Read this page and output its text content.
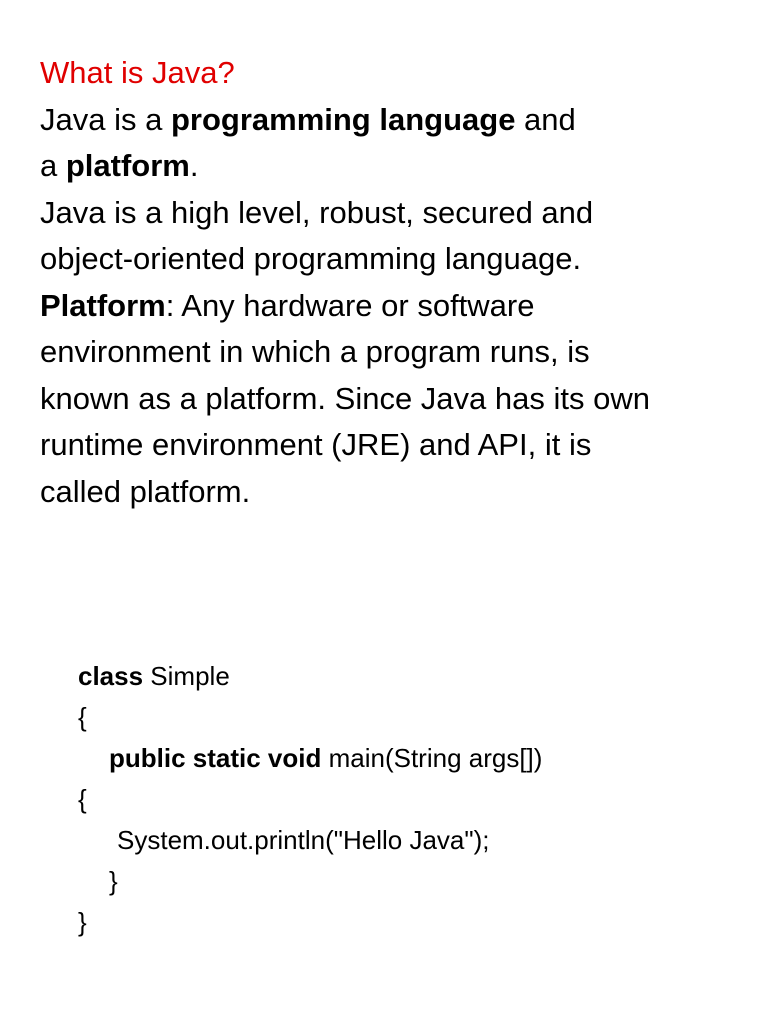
What is Java?
Java is a programming language and
a platform.
Java is a high level, robust, secured and
object-oriented programming language.
Platform: Any hardware or software
environment in which a program runs, is
known as a platform. Since Java has its own
runtime environment (JRE) and API, it is
called platform.
class Simple
{
public static void main(String args[])
{
System.out.println("Hello Java");
}
}
